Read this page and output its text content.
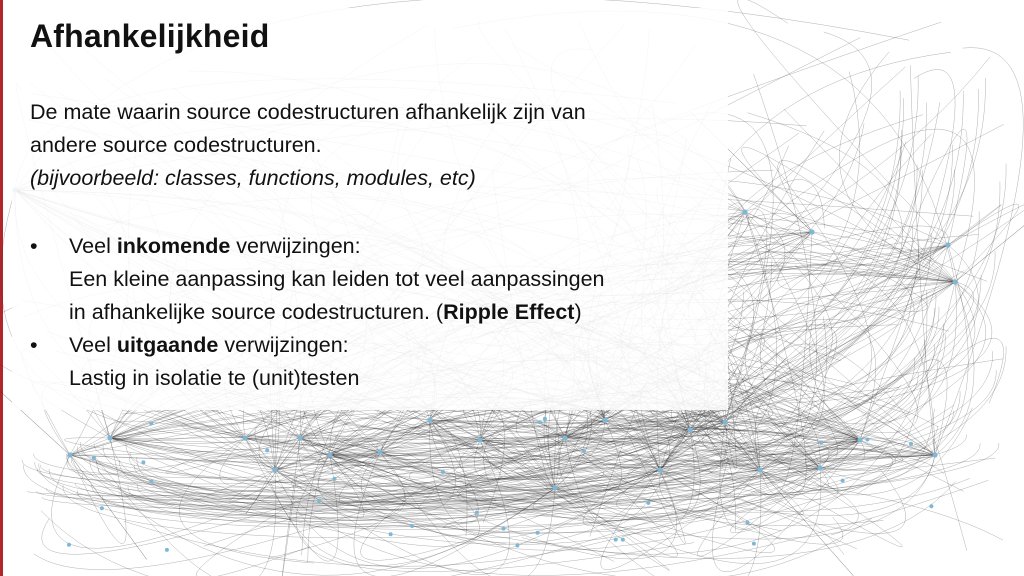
Afhankelijkheid
De mate waarin source codestructuren afhankelijk zijn van
andere source codestructuren.
(bijvoorbeeld: classes, functions, modules, etc)
• Veel inkomende verwijzingen:
Een kleine aanpassing kan leiden tot veel aanpassingen
in afhankelijke source codestructuren. (Ripple Effect)
• Veel uitgaande verwijzingen:
Lastig in isolatie te (unit)testen
